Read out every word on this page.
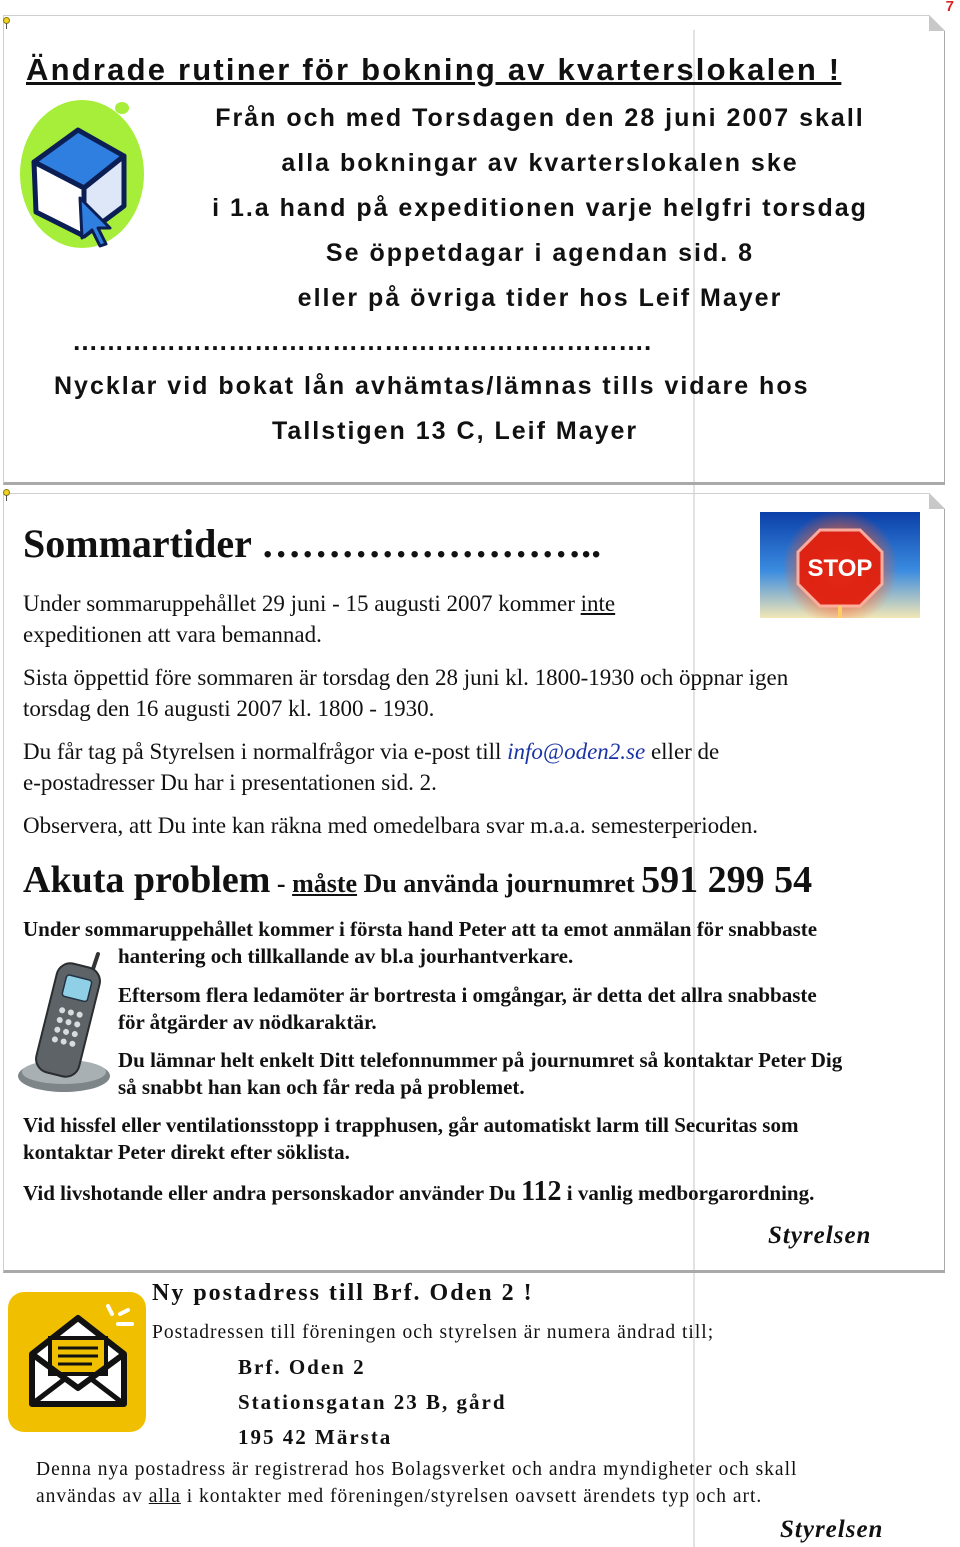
7
Ändrade rutiner för bokning av kvarterslokalen !
Från och med Torsdagen den 28 juni 2007 skall
alla bokningar av kvarterslokalen ske
i 1.a hand på expeditionen varje helgfri torsdag
Se öppetdagar i agendan sid. 8
eller på övriga tider hos Leif Mayer
………………………………………………………….
Nycklar vid bokat lån avhämtas/lämnas tills vidare hos
Tallstigen 13 C, Leif Mayer
Sommartider ……………………..
STOP
Under sommaruppehållet 29 juni - 15 augusti 2007 kommer inte
expeditionen att vara bemannad.
Sista öppettid före sommaren är torsdag den 28 juni kl. 1800-1930 och öppnar igen
torsdag den 16 augusti 2007 kl. 1800 - 1930.
Du får tag på Styrelsen i normalfrågor via e-post till info@oden2.se eller de
e-postadresser Du har i presentationen sid. 2.
Observera, att Du inte kan räkna med omedelbara svar m.a.a. semesterperioden.
Akuta problem - måste Du använda journumret 591 299 54
Under sommaruppehållet kommer i första hand Peter att ta emot anmälan för snabbaste
hantering och tillkallande av bl.a jourhantverkare.
Eftersom flera ledamöter är bortresta i omgångar, är detta det allra snabbaste
för åtgärder av nödkaraktär.
Du lämnar helt enkelt Ditt telefonnummer på journumret så kontaktar Peter Dig
så snabbt han kan och får reda på problemet.
Vid hissfel eller ventilationsstopp i trapphusen, går automatiskt larm till Securitas som
kontaktar Peter direkt efter söklista.
Vid livshotande eller andra personskador använder Du 112 i vanlig medborgarordning.
Styrelsen
Ny postadress till Brf. Oden 2 !
Postadressen till föreningen och styrelsen är numera ändrad till;
Brf. Oden 2
Stationsgatan 23 B, gård
195 42 Märsta
Denna nya postadress är registrerad hos Bolagsverket och andra myndigheter och skall
användas av alla i kontakter med föreningen/styrelsen oavsett ärendets typ och art.
Styrelsen
